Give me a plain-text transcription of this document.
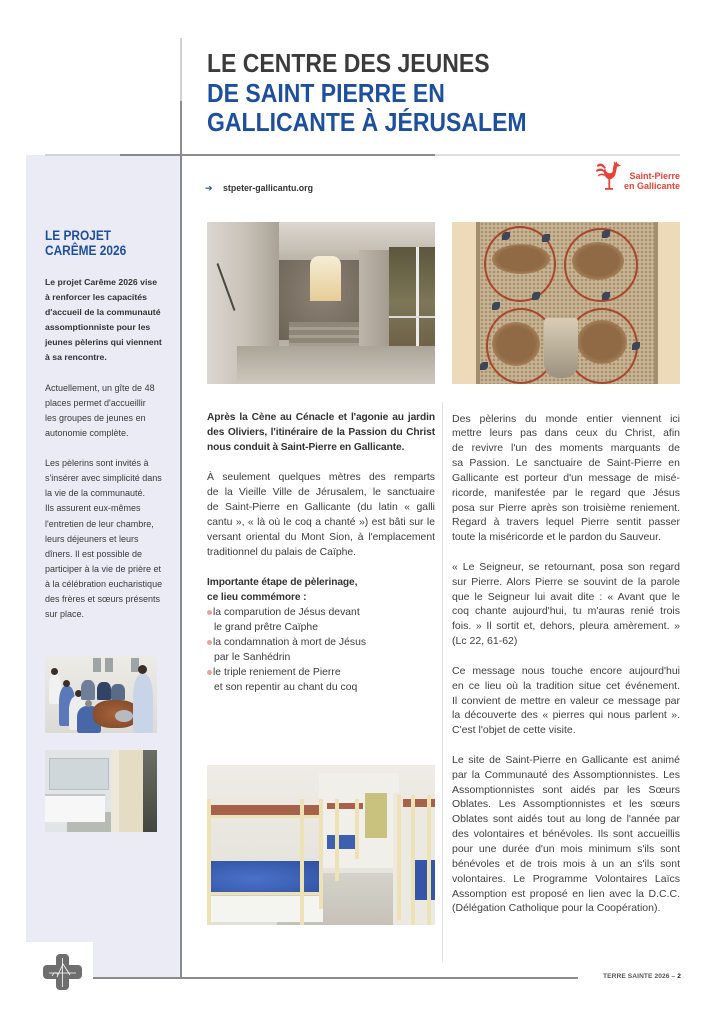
LE CENTRE DES JEUNES
DE SAINT PIERRE EN
GALLICANTE À JÉRUSALEM
➔ stpeter-gallicantu.org
Saint-Pierre
en Gallicante
LE PROJET
CARÊME 2026
Le projet Carême 2026 vise
à renforcer les capacités
d'accueil de la communauté
assomptionniste pour les
jeunes pèlerins qui viennent
à sa rencontre.
Actuellement, un gîte de 48
places permet d'accueillir
les groupes de jeunes en
autonomie complète.
Les pèlerins sont invités à
s'insérer avec simplicité dans
la vie de la communauté.
Ils assurent eux-mêmes
l'entretien de leur chambre,
leurs déjeuners et leurs
dîners. Il est possible de
participer à la vie de prière et
à la célébration eucharistique
des frères et sœurs présents
sur place.
Après la Cène au Cénacle et l'agonie au jardin
des Oliviers, l'itinéraire de la Passion du Christ
nous conduit à Saint-Pierre en Gallicante.
À seulement quelques mètres des remparts
de la Vieille Ville de Jérusalem, le sanctuaire
de Saint-Pierre en Gallicante (du latin « galli
cantu », « là où le coq a chanté ») est bâti sur le
versant oriental du Mont Sion, à l'emplacement
traditionnel du palais de Caïphe.
Importante étape de pèlerinage,
ce lieu commémore :
la comparution de Jésus devant
le grand prêtre Caïphe
la condamnation à mort de Jésus
par le Sanhédrin
le triple reniement de Pierre
et son repentir au chant du coq
Des pèlerins du monde entier viennent ici
mettre leurs pas dans ceux du Christ, afin
de revivre l'un des moments marquants de
sa Passion. Le sanctuaire de Saint-Pierre en
Gallicante est porteur d'un message de misé-
ricorde, manifestée par le regard que Jésus
posa sur Pierre après son troisième reniement.
Regard à travers lequel Pierre sentit passer
toute la miséricorde et le pardon du Sauveur.
« Le Seigneur, se retournant, posa son regard
sur Pierre. Alors Pierre se souvint de la parole
que le Seigneur lui avait dite : « Avant que le
coq chante aujourd'hui, tu m'auras renié trois
fois. » Il sortit et, dehors, pleura amèrement. »
(Lc 22, 61-62)
Ce message nous touche encore aujourd'hui
en ce lieu où la tradition situe cet événement.
Il convient de mettre en valeur ce message par
la découverte des « pierres qui nous parlent ».
C'est l'objet de cette visite.
Le site de Saint-Pierre en Gallicante est animé
par la Communauté des Assomptionnistes. Les
Assomptionnistes sont aidés par les Sœurs
Oblates. Les Assomptionnistes et les sœurs
Oblates sont aidés tout au long de l'année par
des volontaires et bénévoles. Ils sont accueillis
pour une durée d'un mois minimum s'ils sont
bénévoles et de trois mois à un an s'ils sont
volontaires. Le Programme Volontaires Laïcs
Assomption est proposé en lien avec la D.C.C.
(Délégation Catholique pour la Coopération).
TERRE SAINTE 2026 – 2
